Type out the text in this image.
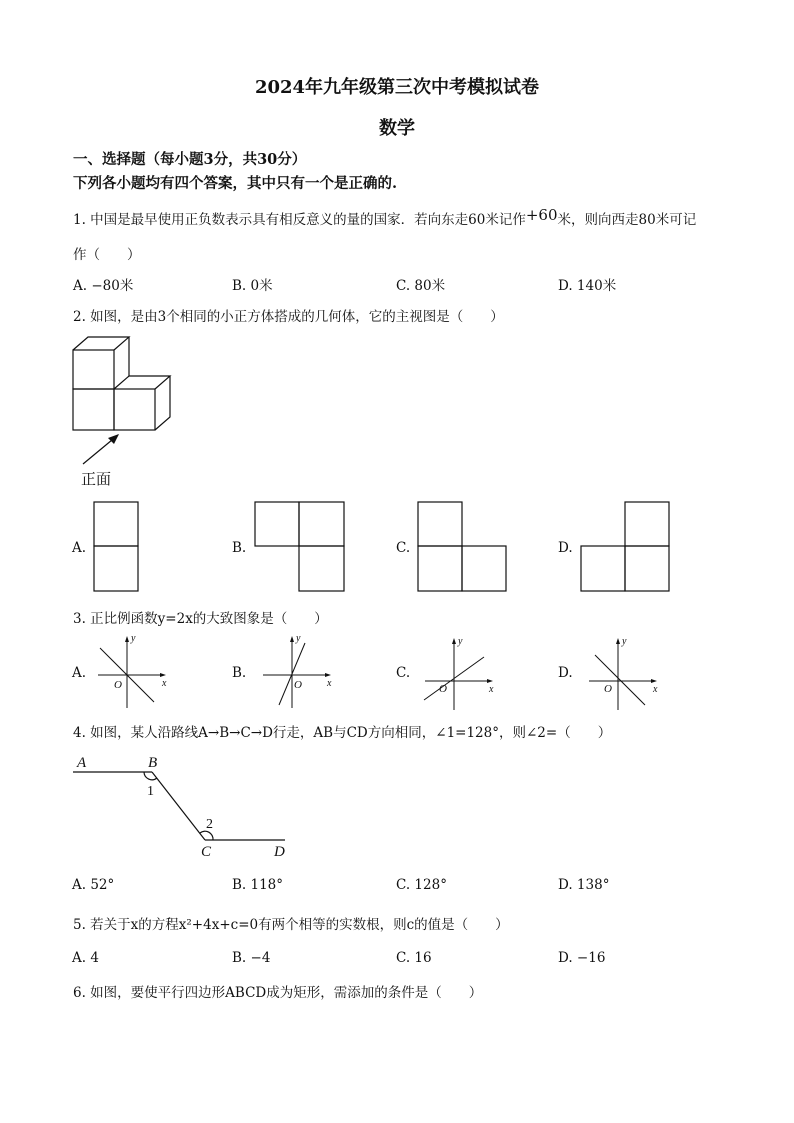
2024年九年级第三次中考模拟试卷
数学
一、选择题（每小题3分，共30分）
下列各小题均有四个答案，其中只有一个是正确的.
1. 中国是最早使用正负数表示具有相反意义的量的国家．若向东走60米记作+60米，则向西走80米可记
作（　　）
A. −80米	B. 0米	C. 80米	D. 140米
2. 如图，是由3个相同的小正方体搭成的几何体，它的主视图是（　　）
正面
A.	B.	C.	D.
3. 正比例函数y=2x的大致图象是（　　）
A.	B.	C.	D.
y
x
O
y
x
O
y
x
O
y
x
O
4. 如图，某人沿路线A→B→C→D行走，AB与CD方向相同，∠1=128°，则∠2=（　　）
A	B
C	D
1
2
A. 52°	B. 118°	C. 128°	D. 138°
5. 若关于x的方程x²+4x+c=0有两个相等的实数根，则c的值是（　　）
A. 4	B. −4	C. 16	D. −16
6. 如图，要使平行四边形ABCD成为矩形，需添加的条件是（　　）
